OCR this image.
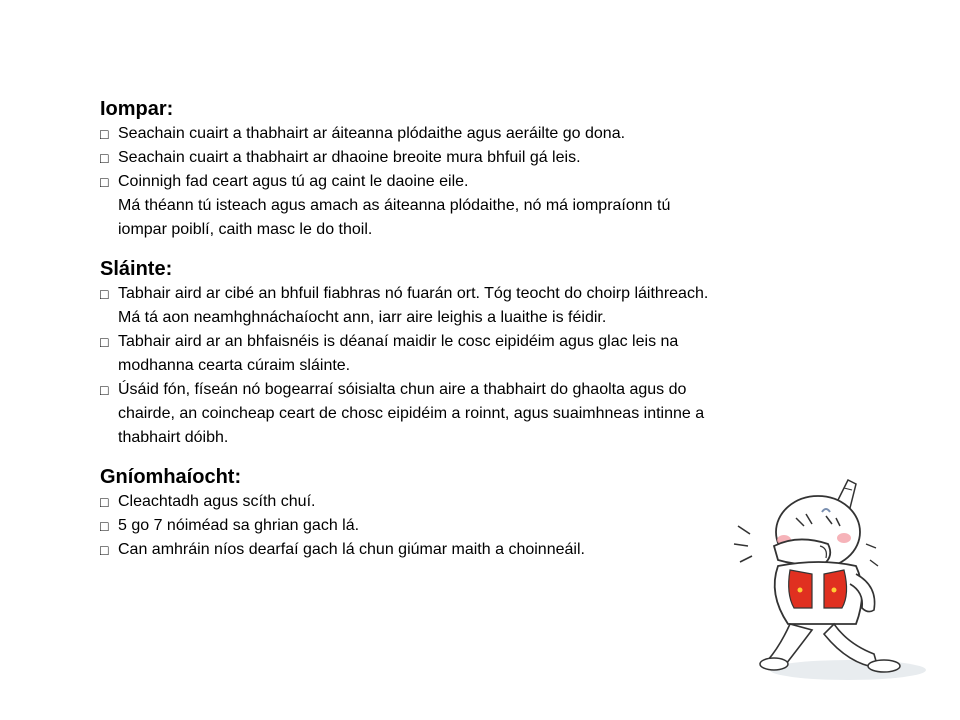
Iompar:
□ Seachain cuairt a thabhairt ar áiteanna plódaithe agus aeráilte go dona.
□ Seachain cuairt a thabhairt ar dhaoine breoite mura bhfuil gá leis.
□ Coinnigh fad ceart agus tú ag caint le daoine eile.
Má théann tú isteach agus amach as áiteanna plódaithe, nó má iompraíonn tú
iompar poiblí, caith masc le do thoil.
Sláinte:
□ Tabhair aird ar cibé an bhfuil fiabhras nó fuarán ort. Tóg teocht do choirp láithreach.
Má tá aon neamhghnáchaíocht ann, iarr aire leighis a luaithe is féidir.
□ Tabhair aird ar an bhfaisnéis is déanaí maidir le cosc eipidéim agus glac leis na
modhanna cearta cúraim sláinte.
□ Úsáid fón, físeán nó bogearraí sóisialta chun aire a thabhairt do ghaolta agus do
chairde, an coincheap ceart de chosc eipidéim a roinnt, agus suaimhneas intinne a
thabhairt dóibh.
Gníomhaíocht:
□ Cleachtadh agus scíth chuí.
□ 5 go 7 nóiméad sa ghrian gach lá.
□ Can amhráin níos dearfaí gach lá chun giúmar maith a choinneáil.
